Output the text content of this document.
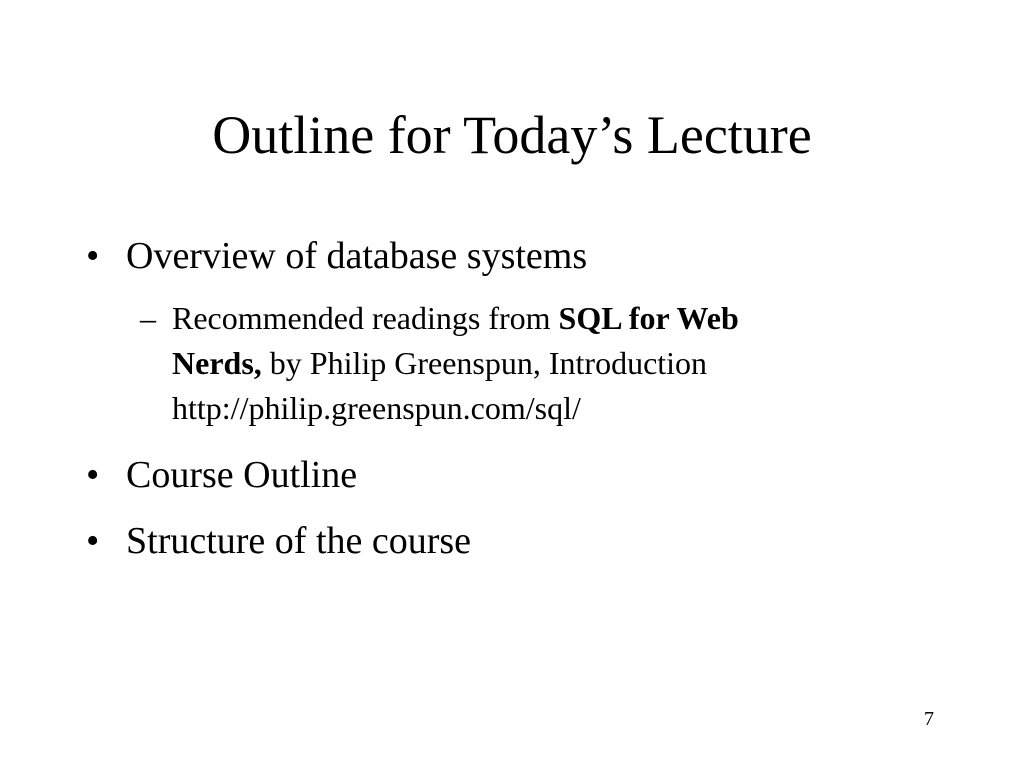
Outline for Today’s Lecture
• Overview of database systems
– Recommended readings from SQL for Web
Nerds, by Philip Greenspun, Introduction
http://philip.greenspun.com/sql/
• Course Outline
• Structure of the course
7
